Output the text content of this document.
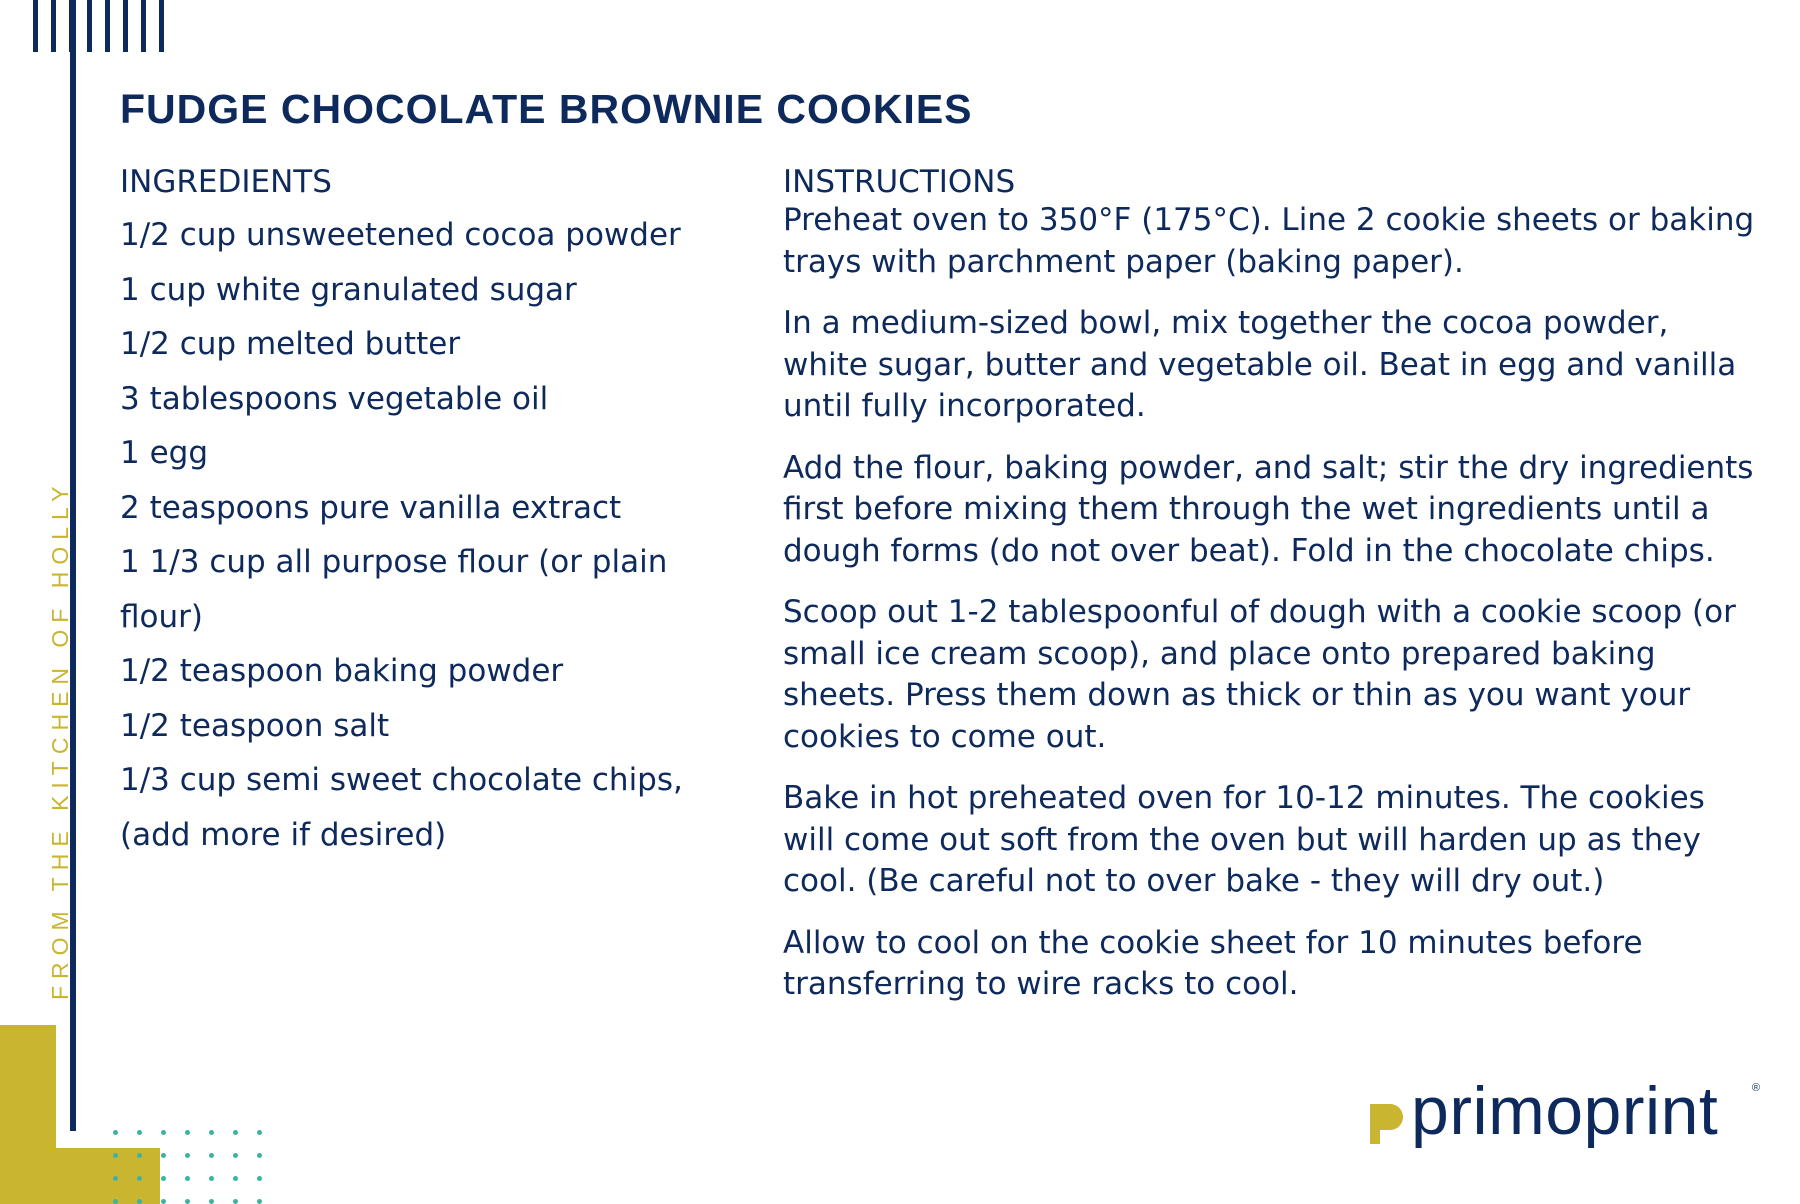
FROM THE KITCHEN OF HOLLY
FUDGE CHOCOLATE BROWNIE COOKIES
INGREDIENTS
1/2 cup unsweetened cocoa powder
1 cup white granulated sugar
1/2 cup melted butter
3 tablespoons vegetable oil
1 egg
2 teaspoons pure vanilla extract
1 1/3 cup all purpose flour (or plain
flour)
1/2 teaspoon baking powder
1/2 teaspoon salt
1/3 cup semi sweet chocolate chips,
(add more if desired)
INSTRUCTIONS

Preheat oven to 350°F (175°C). Line 2 cookie sheets or baking trays with parchment paper (baking paper).

In a medium-sized bowl, mix together the cocoa powder, white sugar, butter and vegetable oil. Beat in egg and vanilla until fully incorporated.

Add the flour, baking powder, and salt; stir the dry ingredients first before mixing them through the wet ingredients until a dough forms (do not over beat). Fold in the chocolate chips.

Scoop out 1-2 tablespoonful of dough with a cookie scoop (or small ice cream scoop), and place onto prepared baking sheets. Press them down as thick or thin as you want your cookies to come out.

Bake in hot preheated oven for 10-12 minutes. The cookies will come out soft from the oven but will harden up as they cool. (Be careful not to over bake - they will dry out.)

Allow to cool on the cookie sheet for 10 minutes before transferring to wire racks to cool.

primoprint	®
